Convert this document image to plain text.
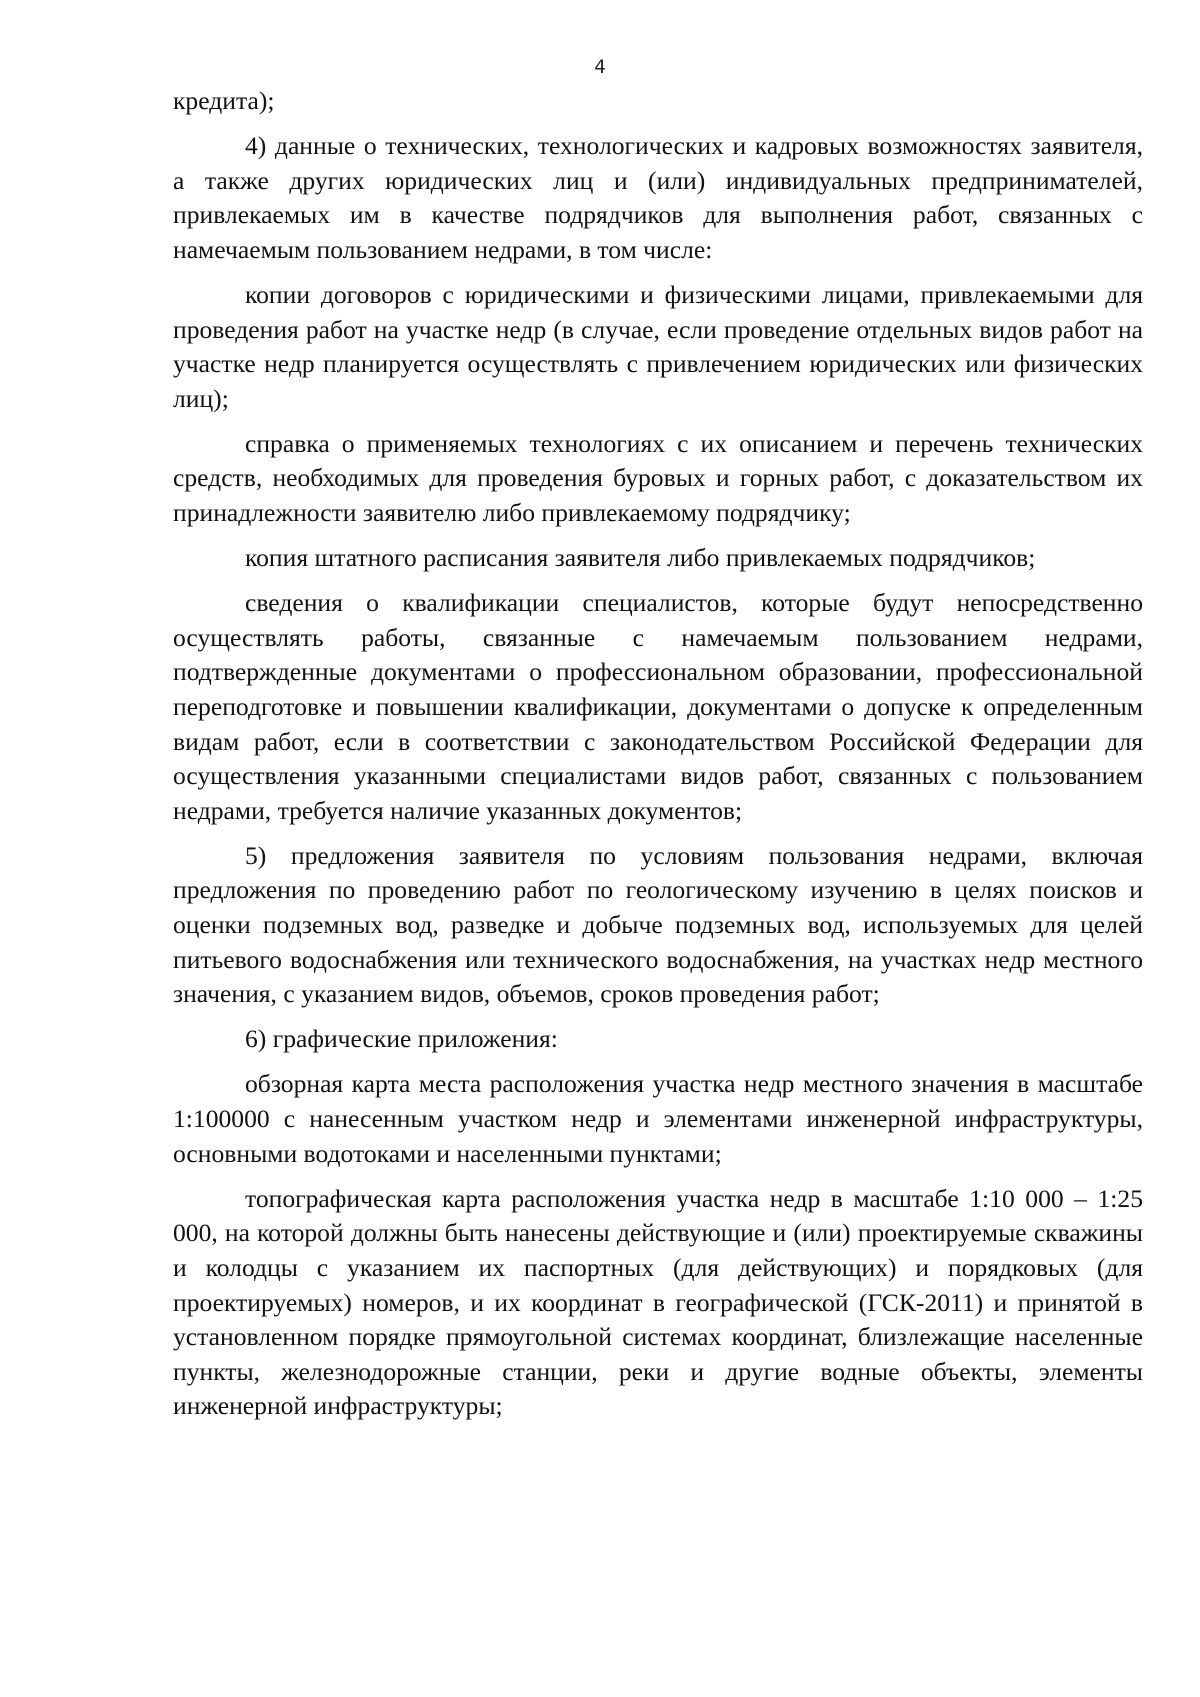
4

кредита);

4) данные о технических, технологических и кадровых возможностях заявителя, а также других юридических лиц и (или) индивидуальных предпринимателей, привлекаемых им в качестве подрядчиков для выполнения работ, связанных с намечаемым пользованием недрами, в том числе:

копии договоров с юридическими и физическими лицами, привлекаемыми для проведения работ на участке недр (в случае, если проведение отдельных видов работ на участке недр планируется осуществлять с привлечением юридических или физических лиц);

справка о применяемых технологиях с их описанием и перечень технических средств, необходимых для проведения буровых и горных работ, с доказательством их принадлежности заявителю либо привлекаемому подрядчику;

копия штатного расписания заявителя либо привлекаемых подрядчиков;

сведения о квалификации специалистов, которые будут непосредственно осуществлять работы, связанные с намечаемым пользованием недрами, подтвержденные документами о профессиональном образовании, профессиональной переподготовке и повышении квалификации, документами о допуске к определенным видам работ, если в соответствии с законодательством Российской Федерации для осуществления указанными специалистами видов работ, связанных с пользованием недрами, требуется наличие указанных документов;

5) предложения заявителя по условиям пользования недрами, включая предложения по проведению работ по геологическому изучению в целях поисков и оценки подземных вод, разведке и добыче подземных вод, используемых для целей питьевого водоснабжения или технического водоснабжения, на участках недр местного значения, с указанием видов, объемов, сроков проведения работ;

6) графические приложения:

обзорная карта места расположения участка недр местного значения в масштабе 1:100000 с нанесенным участком недр и элементами инженерной инфраструктуры, основными водотоками и населенными пунктами;

топографическая карта расположения участка недр в масштабе 1:10 000 – 1:25 000, на которой должны быть нанесены действующие и (или) проектируемые скважины и колодцы с указанием их паспортных (для действующих) и порядковых (для проектируемых) номеров, и их координат в географической (ГСК-2011) и принятой в установленном порядке прямоугольной системах координат, близлежащие населенные пункты, железнодорожные станции, реки и другие водные объекты, элементы инженерной инфраструктуры;
